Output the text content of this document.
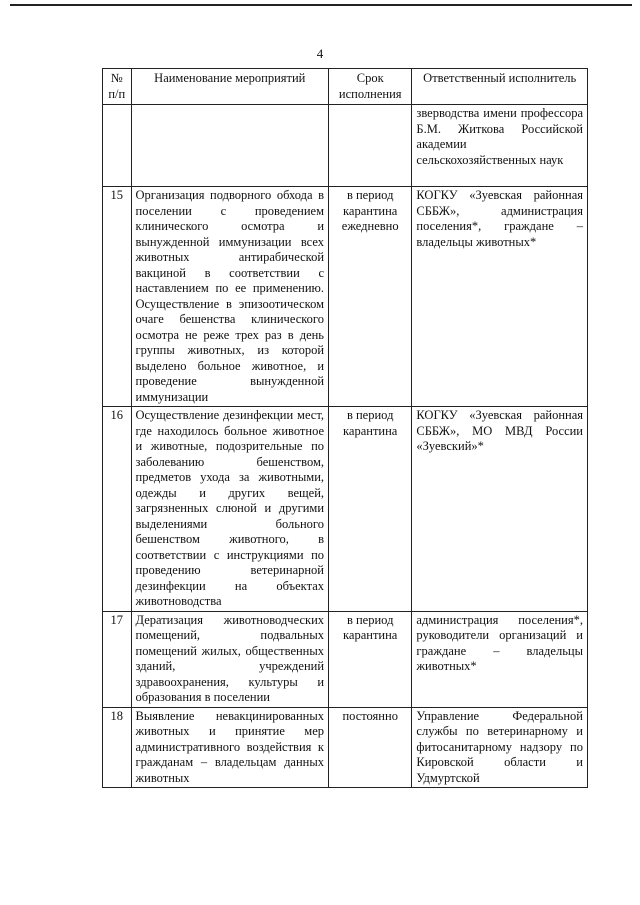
4
№ п/п	Наименование мероприятий	Срок исполнения	Ответственный исполнитель
			зверводства имени профессора Б.М. Житкова Российской академии сельскохозяйственных наук
15	Организация подворного обхода в поселении с проведением клинического осмотра и вынужденной иммунизации всех животных антирабической вакциной в соответствии с наставлением по ее применению. Осуществление в эпизоотическом очаге бешенства клинического осмотра не реже трех раз в день группы животных, из которой выделено больное животное, и проведение вынужденной иммунизации	в период карантина ежедневно	КОГКУ «Зуевская районная СББЖ», администрация поселения*, граждане – владельцы животных*
16	Осуществление дезинфекции мест, где находилось больное животное и животные, подозрительные по заболеванию бешенством, предметов ухода за животными, одежды и других вещей, загрязненных слюной и другими выделениями больного бешенством животного, в соответствии с инструкциями по проведению ветеринарной дезинфекции на объектах животноводства	в период карантина	КОГКУ «Зуевская районная СББЖ», МО МВД России «Зуевский»*
17	Дератизация животноводческих помещений, подвальных помещений жилых, общественных зданий, учреждений здравоохранения, культуры и образования в поселении	в период карантина	администрация поселения*, руководители организаций и граждане – владельцы животных*
18	Выявление невакцинированных животных и принятие мер административного воздействия к гражданам – владельцам данных животных	постоянно	Управление Федеральной службы по ветеринарному и фитосанитарному надзору по Кировской области и Удмуртской
